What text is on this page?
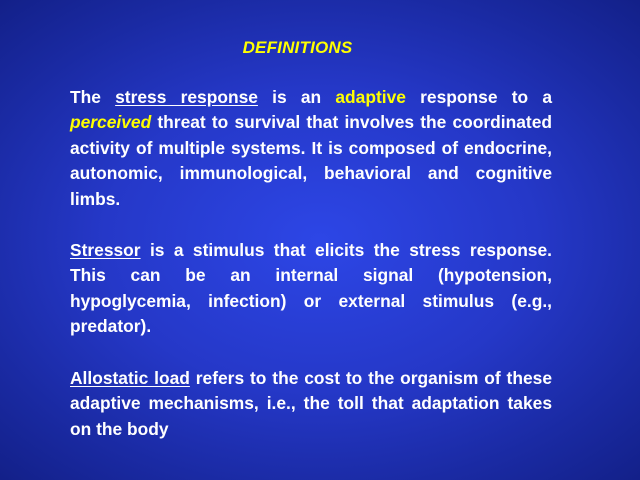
DEFINITIONS

The stress response is an adaptive response to a perceived threat to survival that involves the coordinated activity of multiple systems. It is composed of endocrine, autonomic, immunological, behavioral and cognitive limbs.

Stressor is a stimulus that elicits the stress response. This can be an internal signal (hypotension, hypoglycemia, infection) or external stimulus (e.g., predator).

Allostatic load refers to the cost to the organism of these adaptive mechanisms, i.e., the toll that adaptation takes on the body
